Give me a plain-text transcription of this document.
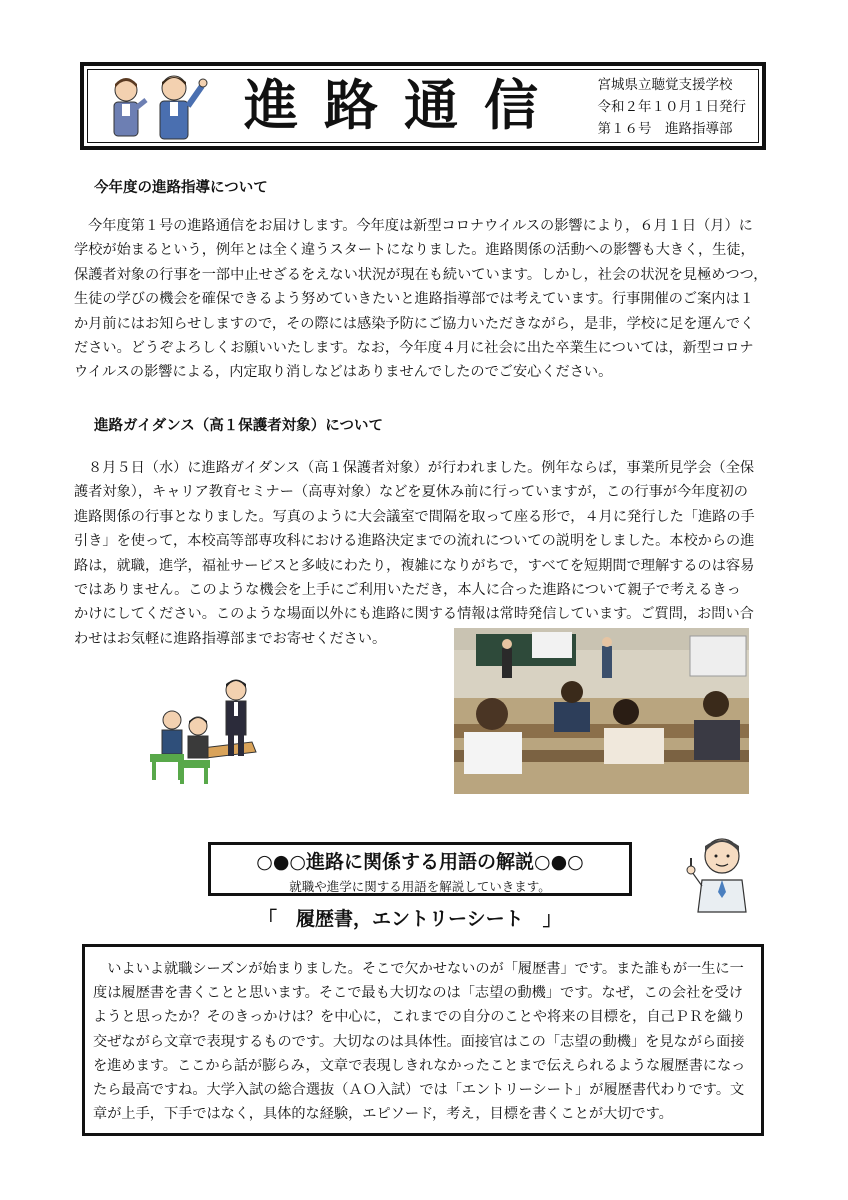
進路通信 宮城県立聴覚支援学校
令和２年１０月１日発行
第１６号　進路指導部
今年度の進路指導について
今年度第１号の進路通信をお届けします。今年度は新型コロナウイルスの影響により，６月１日（月）に
学校が始まるという，例年とは全く違うスタートになりました。進路関係の活動への影響も大きく，生徒，
保護者対象の行事を一部中止せざるをえない状況が現在も続いています。しかし，社会の状況を見極めつつ，
生徒の学びの機会を確保できるよう努めていきたいと進路指導部では考えています。行事開催のご案内は１
か月前にはお知らせしますので，その際には感染予防にご協力いただきながら，是非，学校に足を運んでく
ださい。どうぞよろしくお願いいたします。なお，今年度４月に社会に出た卒業生については，新型コロナ
ウイルスの影響による，内定取り消しなどはありませんでしたのでご安心ください。
進路ガイダンス（高１保護者対象）について
８月５日（水）に進路ガイダンス（高１保護者対象）が行われました。例年ならば，事業所見学会（全保
護者対象），キャリア教育セミナー（高専対象）などを夏休み前に行っていますが，この行事が今年度初の
進路関係の行事となりました。写真のように大会議室で間隔を取って座る形で，４月に発行した「進路の手
引き」を使って，本校高等部専攻科における進路決定までの流れについての説明をしました。本校からの進
路は，就職，進学，福祉サービスと多岐にわたり，複雑になりがちで，すべてを短期間で理解するのは容易
ではありません。このような機会を上手にご利用いただき，本人に合った進路について親子で考えるきっ
かけにしてください。このような場面以外にも進路に関する情報は常時発信しています。ご質問，お問い合
わせはお気軽に進路指導部までお寄せください。
○●○進路に関係する用語の解説○●○
就職や進学に関する用語を解説していきます。
「　履歴書，エントリーシート　」
　いよいよ就職シーズンが始まりました。そこで欠かせないのが「履歴書」です。また誰もが一生に一
度は履歴書を書くことと思います。そこで最も大切なのは「志望の動機」です。なぜ，この会社を受け
ようと思ったか？そのきっかけは？を中心に，これまでの自分のことや将来の目標を，自己ＰＲを織り
交ぜながら文章で表現するものです。大切なのは具体性。面接官はこの「志望の動機」を見ながら面接
を進めます。ここから話が膨らみ，文章で表現しきれなかったことまで伝えられるような履歴書になっ
たら最高ですね。大学入試の総合選抜（ＡＯ入試）では「エントリーシート」が履歴書代わりです。文
章が上手，下手ではなく，具体的な経験，エピソード，考え，目標を書くことが大切です。
